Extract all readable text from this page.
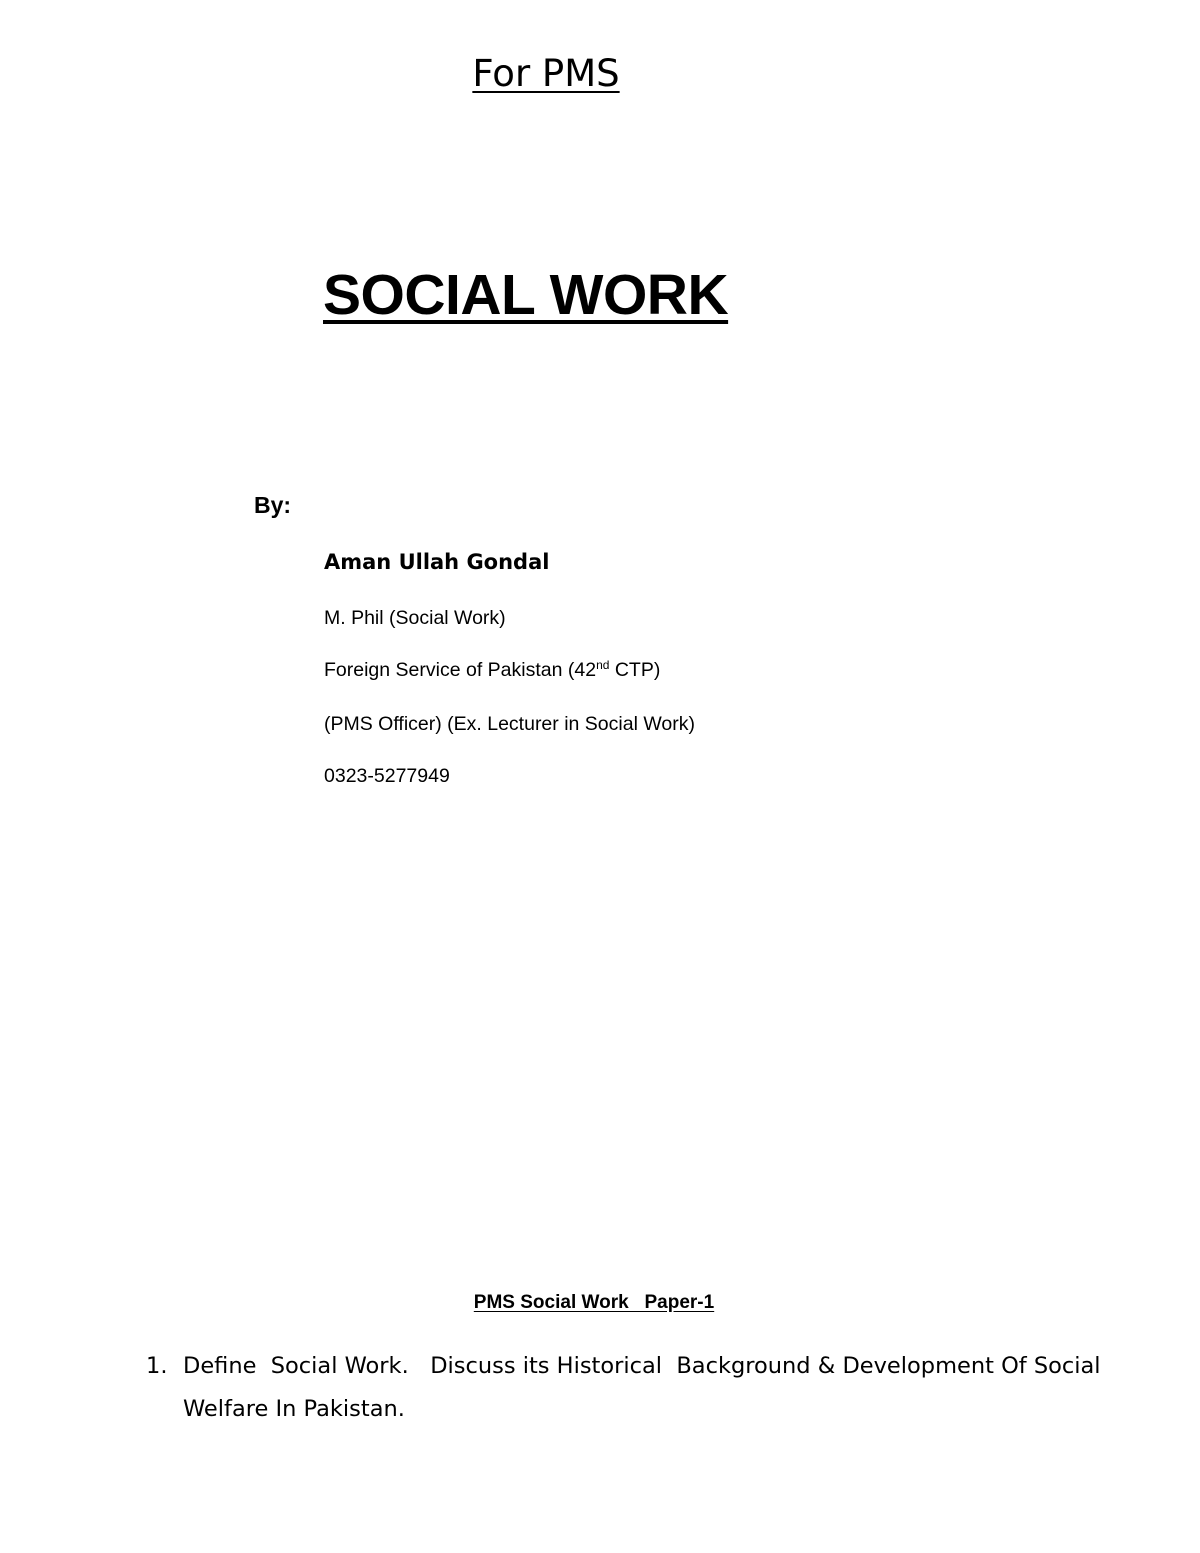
For PMS
SOCIAL WORK
By:
Aman Ullah Gondal
M. Phil (Social Work)
Foreign Service of Pakistan (42nd CTP)
(PMS Officer) (Ex. Lecturer in Social Work)
0323-5277949
PMS Social Work   Paper-1
1. Define  Social Work.   Discuss its Historical  Background & Development Of Social Welfare In Pakistan.
